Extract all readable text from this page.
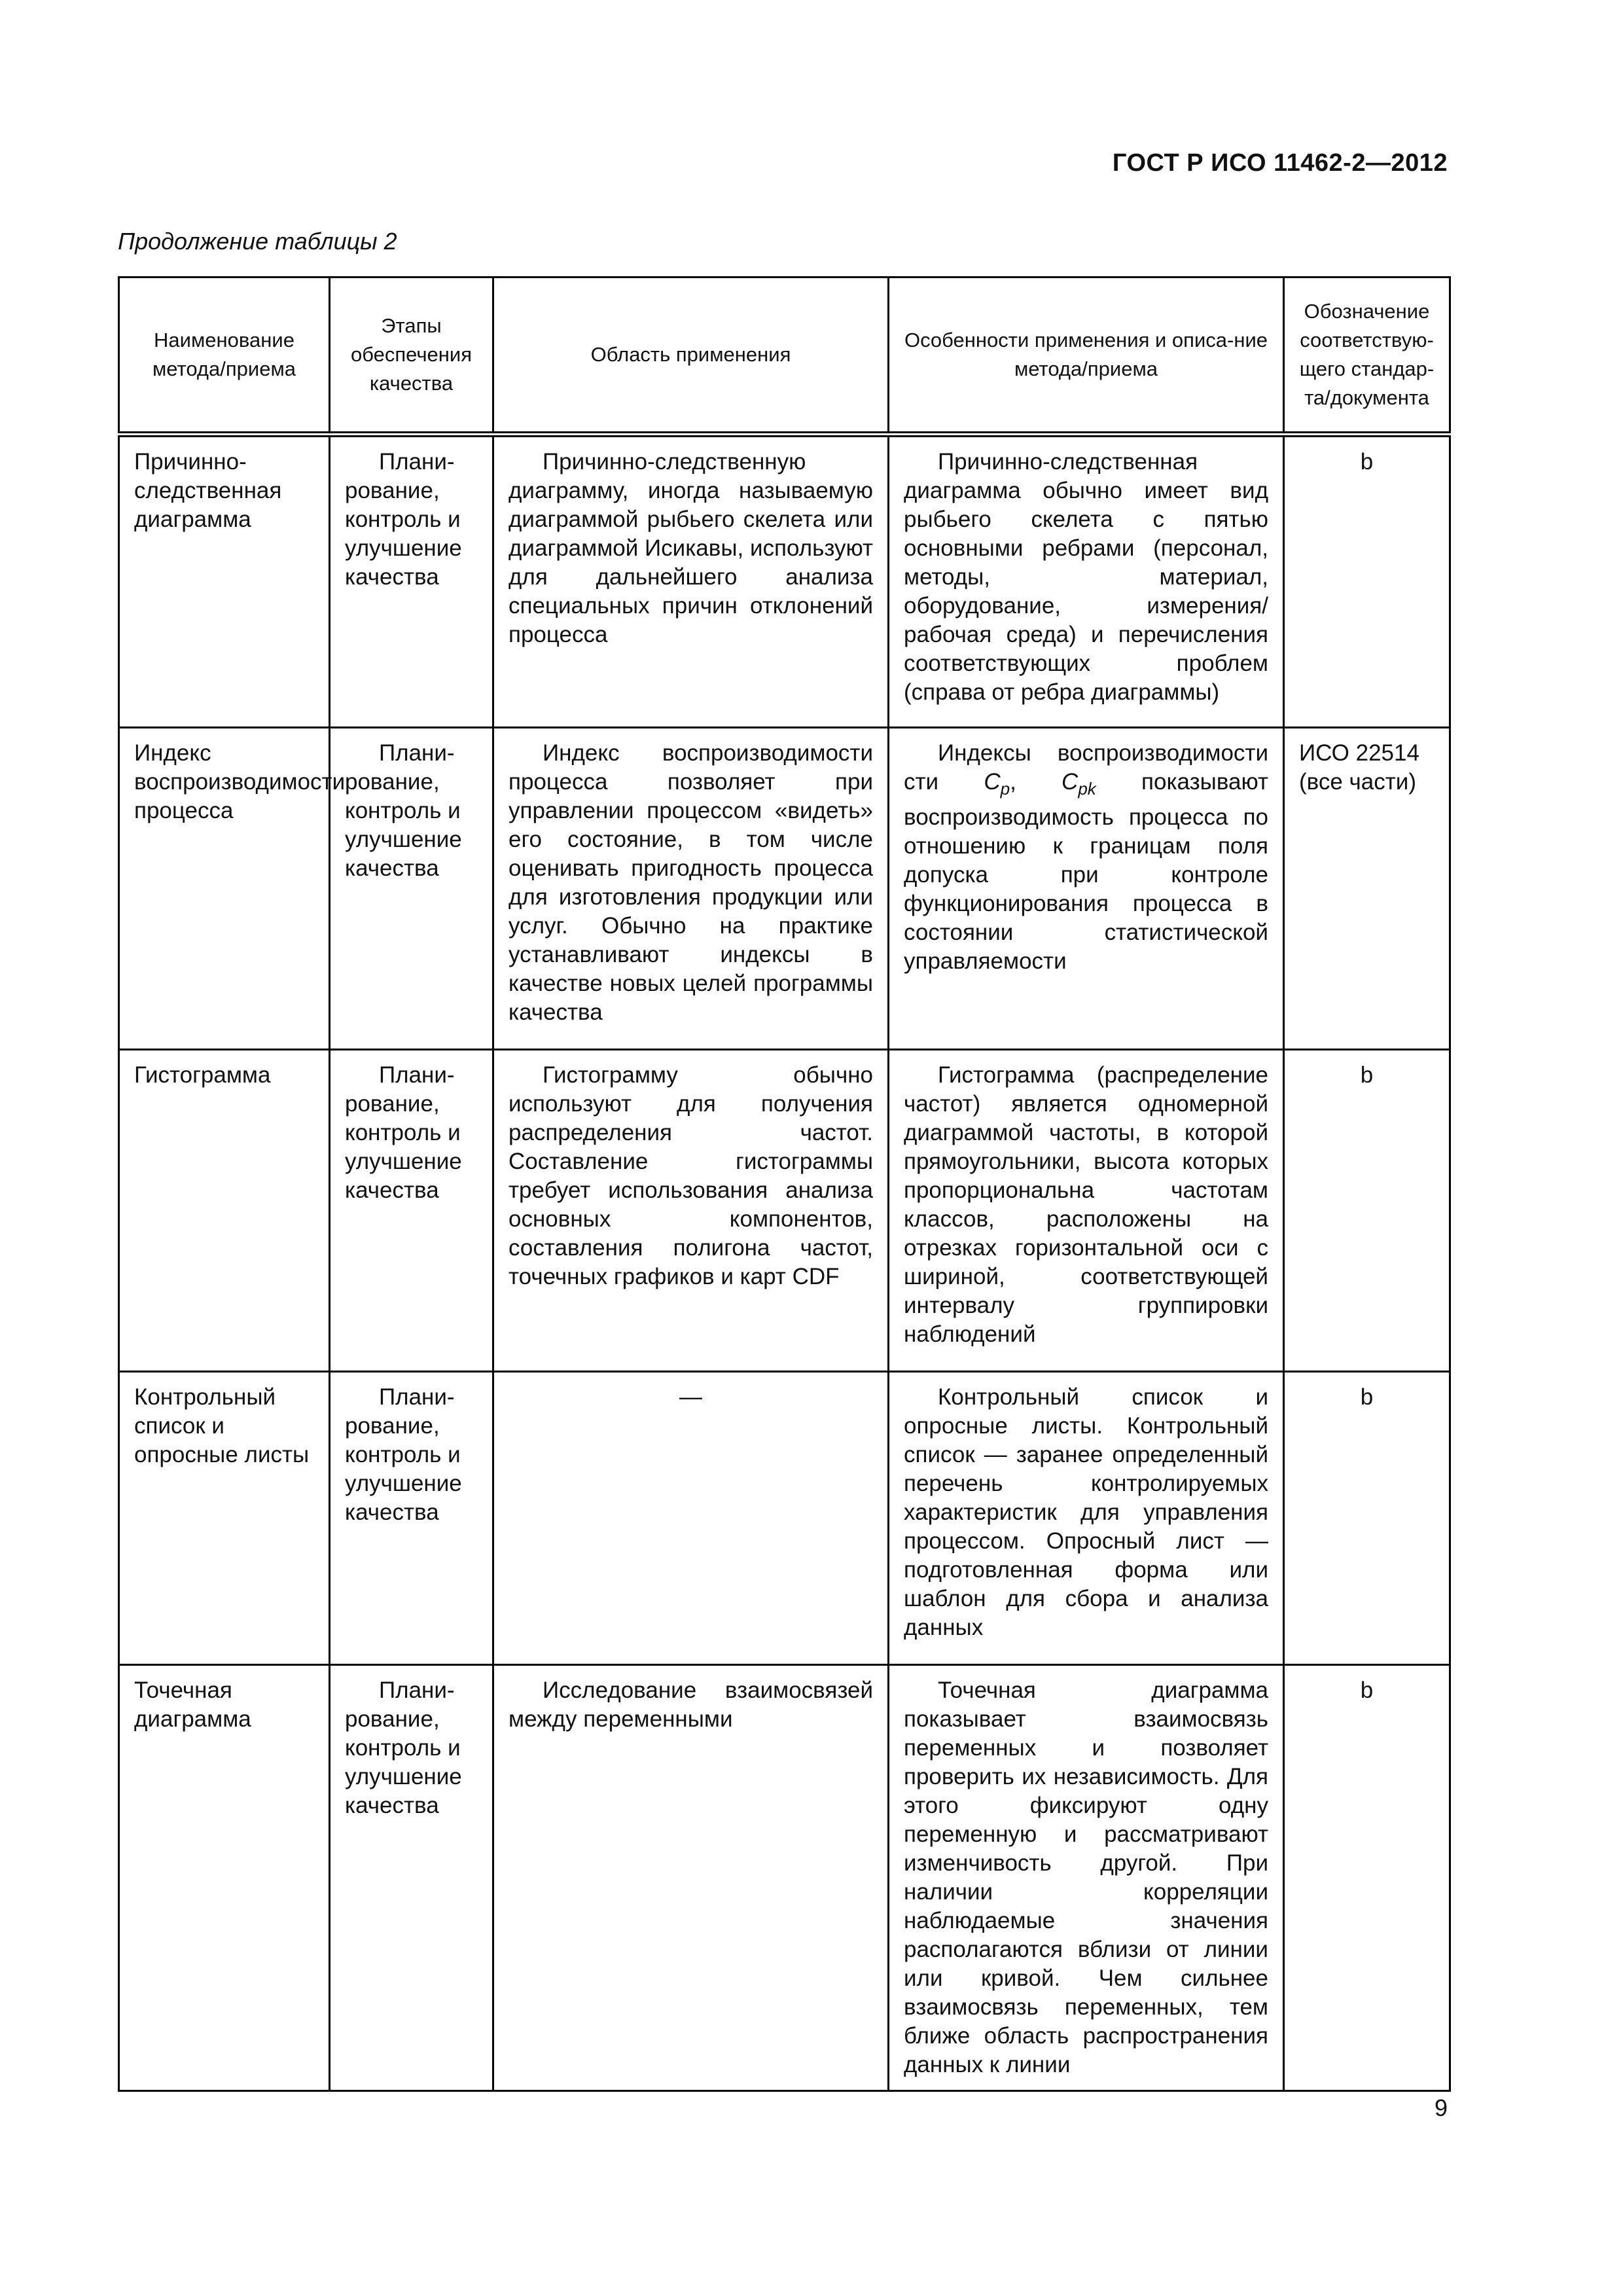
ГОСТ Р ИСО 11462-2—2012
Продолжение таблицы 2
Наименование метода/приема	Этапы обеспечения качества	Область применения	Особенности применения и описа-ние метода/приема	Обозначение соответствую-щего стандар-та/документа

Причинно-следственная диаграмма	Плани-рование, контроль и улучшение качества	Причинно-следственную диаграмму, иногда называемую диаграммой рыбьего скелета или диаграммой Исикавы, используют для дальнейшего анализа специальных причин отклонений процесса	Причинно-следственная диаграмма обычно имеет вид рыбьего скелета с пятью основными ребрами (персонал, методы, материал, оборудование, измерения/рабочая среда) и перечисления соответствующих проблем (справа от ребра диаграммы)	b

Индекс воспроизводимости процесса	Плани-рование, контроль и улучшение качества	Индекс воспроизводимости процесса позволяет при управлении процессом «видеть» его состояние, в том числе оценивать пригодность процесса для изготовления продукции или услуг. Обычно на практике устанавливают индексы в качестве новых целей программы качества	Индексы воспроизводимости сти $C_p$, $C_{pk}$ показывают воспроизводимость процесса по отношению к границам поля допуска при контроле функционирования процесса в состоянии статистической управляемости	ИСО 22514 (все части)

Гистограмма	Плани-рование, контроль и улучшение качества	Гистограмму обычно используют для получения распределения частот. Составление гистограммы требует использования анализа основных компонентов, составления полигона частот, точечных графиков и карт CDF	Гистограмма (распределение частот) является одномерной диаграммой частоты, в которой прямоугольники, высота которых пропорциональна частотам классов, расположены на отрезках горизонтальной оси с шириной, соответствующей интервалу группировки наблюдений	b

Контрольный список и опросные листы	Плани-рование, контроль и улучшение качества	—	Контрольный список и опросные листы. Контрольный список — заранее определенный перечень контролируемых характеристик для управления процессом. Опросный лист — подготовленная форма или шаблон для сбора и анализа данных	b

Точечная диаграмма	Плани-рование, контроль и улучшение качества	Исследование взаимосвязей между переменными	Точечная диаграмма показывает взаимосвязь переменных и позволяет проверить их независимость. Для этого фиксируют одну переменную и рассматривают изменчивость другой. При наличии корреляции наблюдаемые значения располагаются вблизи от линии или кривой. Чем сильнее взаимосвязь переменных, тем ближе область распространения данных к линии	b
9
